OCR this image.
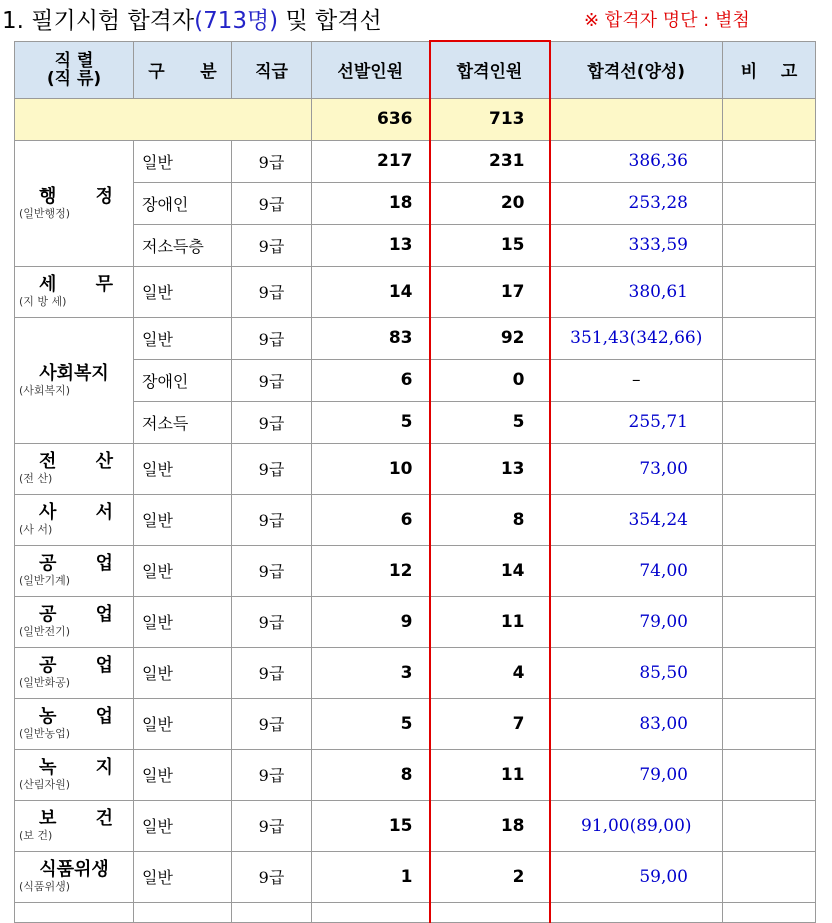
1. 필기시험 합격자(713명) 및 합격선	※ 합격자 명단 : 별첨
직 렬
(직 류)	구 분	직급	선발인원	합격인원	합격선(양성)	비 고
			636	713		

행 정
(일반행정)	일반	9급	217	231	386,36	
	장애인	9급	18	20	253,28	
	저소득층	9급	13	15	333,59	

세 무
(지 방 세)	일반	9급	14	17	380,61	

사회복지
(사회복지)	일반	9급	83	92	351,43(342,66)	
	장애인	9급	6	0	–	
	저소득	9급	5	5	255,71	

전 산
(전 산)	일반	9급	10	13	73,00	

사 서
(사 서)	일반	9급	6	8	354,24	

공 업
(일반기계)	일반	9급	12	14	74,00	

공 업
(일반전기)	일반	9급	9	11	79,00	

공 업
(일반화공)	일반	9급	3	4	85,50	

농 업
(일반농업)	일반	9급	5	7	83,00	

녹 지
(산림자원)	일반	9급	8	11	79,00	

보 건
(보 건)	일반	9급	15	18	91,00(89,00)	

식품위생
(식품위생)	일반	9급	1	2	59,00	
